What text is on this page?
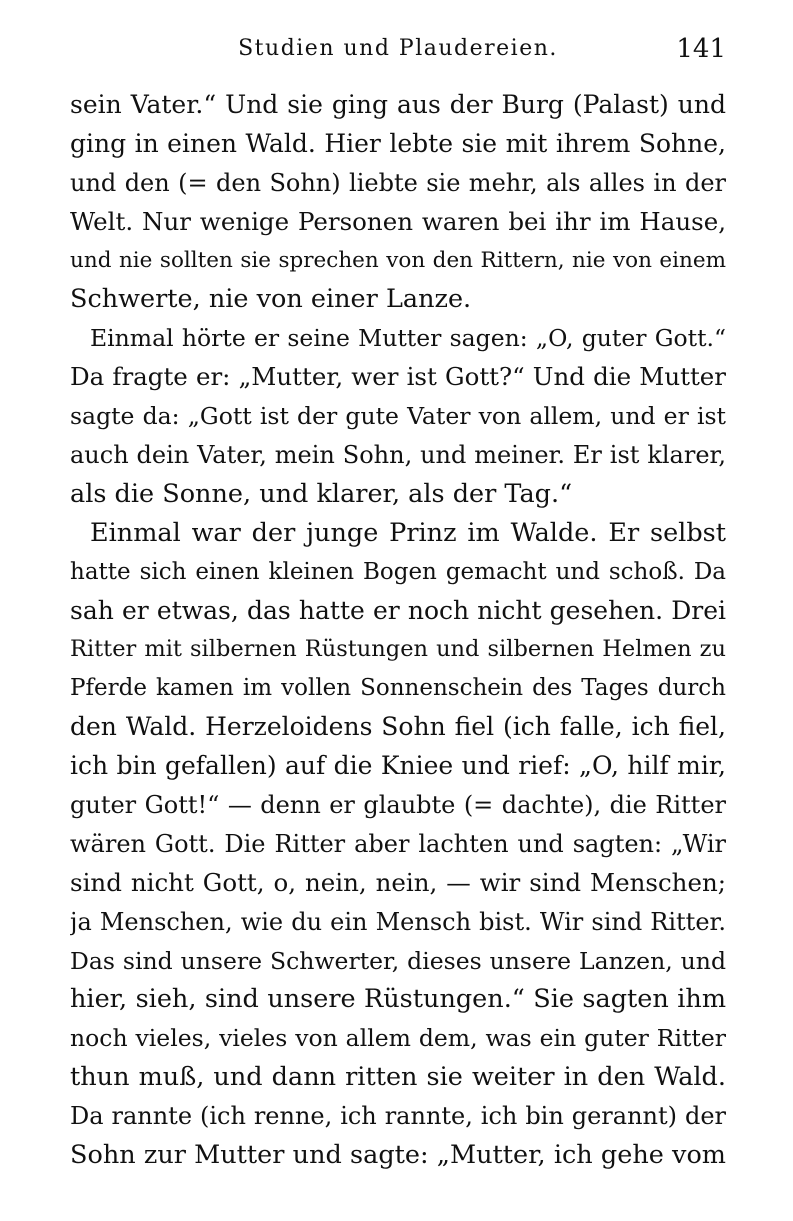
Studien und Plaudereien.	141
sein Vater.“ Und sie ging aus der Burg (Palast) und
ging in einen Wald. Hier lebte sie mit ihrem Sohne,
und den (= den Sohn) liebte sie mehr, als alles in der
Welt. Nur wenige Personen waren bei ihr im Hause,
und nie sollten sie sprechen von den Rittern, nie von einem
Schwerte, nie von einer Lanze.
Einmal hörte er seine Mutter sagen: „O, guter Gott.“
Da fragte er: „Mutter, wer ist Gott?“ Und die Mutter
sagte da: „Gott ist der gute Vater von allem, und er ist
auch dein Vater, mein Sohn, und meiner. Er ist klarer,
als die Sonne, und klarer, als der Tag.“
Einmal war der junge Prinz im Walde. Er selbst
hatte sich einen kleinen Bogen gemacht und schoß. Da
sah er etwas, das hatte er noch nicht gesehen. Drei
Ritter mit silbernen Rüstungen und silbernen Helmen zu
Pferde kamen im vollen Sonnenschein des Tages durch
den Wald. Herzeloidens Sohn fiel (ich falle, ich fiel,
ich bin gefallen) auf die Kniee und rief: „O, hilf mir,
guter Gott!“ — denn er glaubte (= dachte), die Ritter
wären Gott. Die Ritter aber lachten und sagten: „Wir
sind nicht Gott, o, nein, nein, — wir sind Menschen;
ja Menschen, wie du ein Mensch bist. Wir sind Ritter.
Das sind unsere Schwerter, dieses unsere Lanzen, und
hier, sieh, sind unsere Rüstungen.“ Sie sagten ihm
noch vieles, vieles von allem dem, was ein guter Ritter
thun muß, und dann ritten sie weiter in den Wald.
Da rannte (ich renne, ich rannte, ich bin gerannt) der
Sohn zur Mutter und sagte: „Mutter, ich gehe vom
